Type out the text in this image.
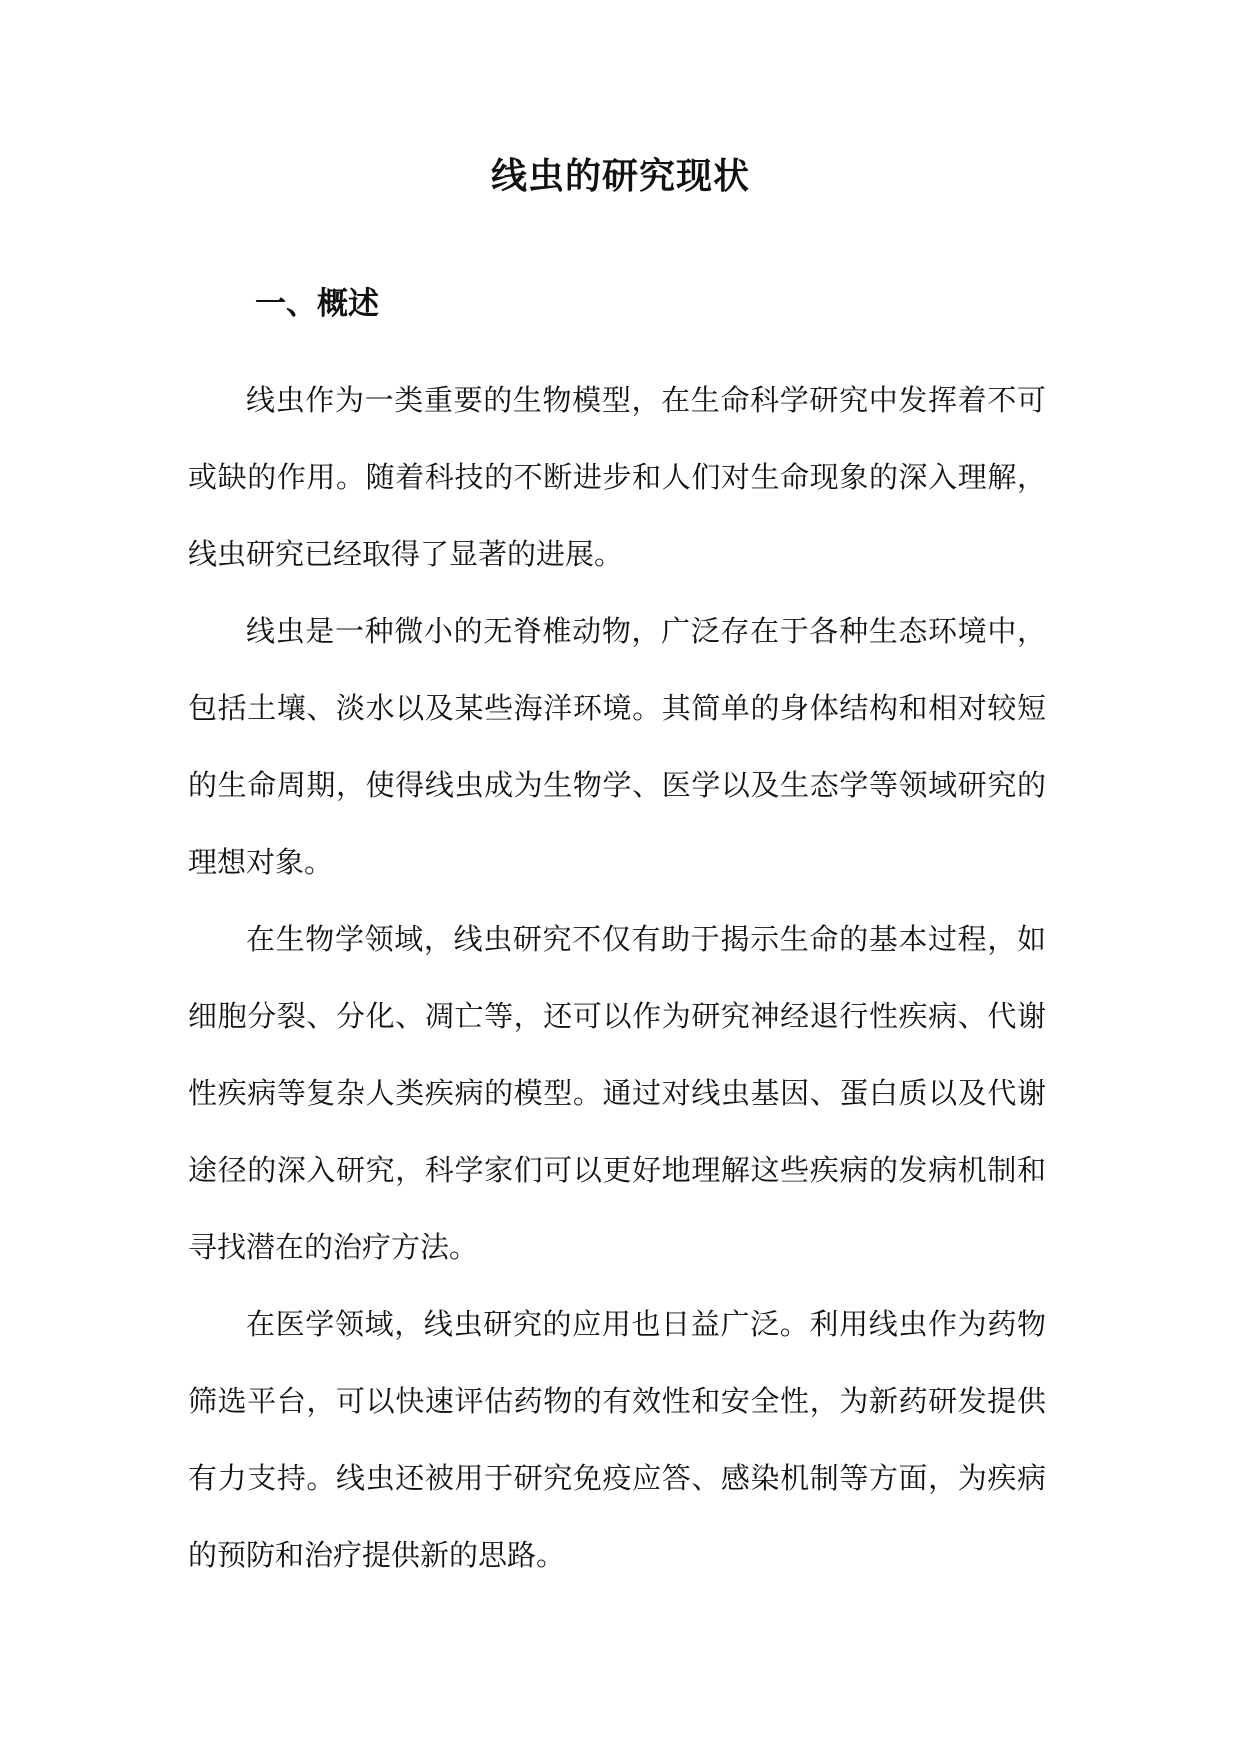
线虫的研究现状
一、概述

线虫作为一类重要的生物模型，在生命科学研究中发挥着不可或缺的作用。随着科技的不断进步和人们对生命现象的深入理解，线虫研究已经取得了显著的进展。

线虫是一种微小的无脊椎动物，广泛存在于各种生态环境中，包括土壤、淡水以及某些海洋环境。其简单的身体结构和相对较短的生命周期，使得线虫成为生物学、医学以及生态学等领域研究的理想对象。

在生物学领域，线虫研究不仅有助于揭示生命的基本过程，如细胞分裂、分化、凋亡等，还可以作为研究神经退行性疾病、代谢性疾病等复杂人类疾病的模型。通过对线虫基因、蛋白质以及代谢途径的深入研究，科学家们可以更好地理解这些疾病的发病机制和寻找潜在的治疗方法。

在医学领域，线虫研究的应用也日益广泛。利用线虫作为药物筛选平台，可以快速评估药物的有效性和安全性，为新药研发提供有力支持。线虫还被用于研究免疫应答、感染机制等方面，为疾病的预防和治疗提供新的思路。
